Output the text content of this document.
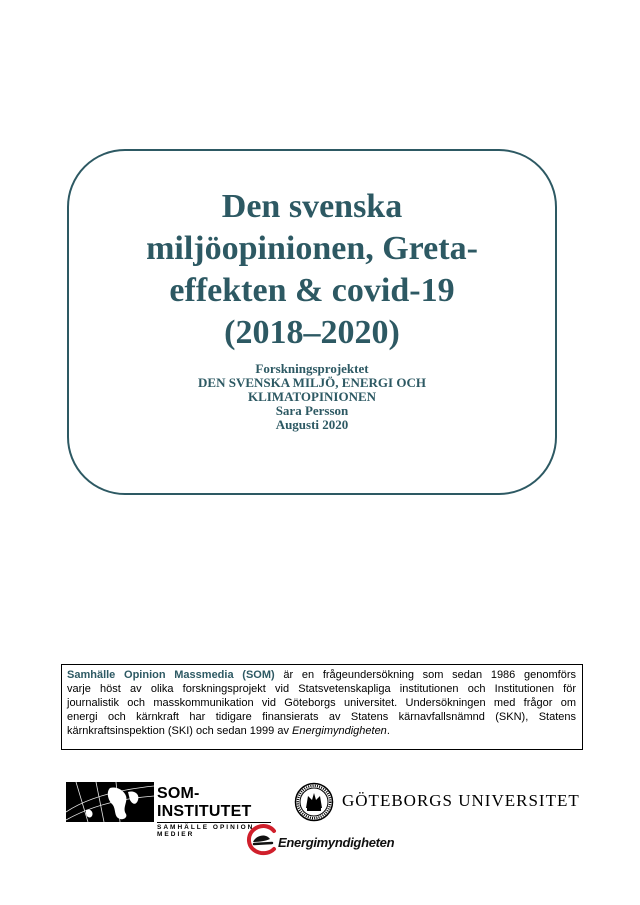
Den svenska
miljöopinionen, Greta-
effekten & covid-19
(2018–2020)
Forskningsprojektet
DEN SVENSKA MILJÖ, ENERGI OCH
KLIMATOPINIONEN
Sara Persson
Augusti 2020
Samhälle Opinion Massmedia (SOM) är en frågeundersökning som sedan 1986 genomförs
varje höst av olika forskningsprojekt vid Statsvetenskapliga institutionen och Institutionen för
journalistik och masskommunikation vid Göteborgs universitet. Undersökningen med frågor om
energi och kärnkraft har tidigare finansierats av Statens kärnavfallsnämnd (SKN), Statens
kärnkraftsinspektion (SKI) och sedan 1999 av Energimyndigheten.
SOM-INSTITUTET
SAMHÄLLE OPINION MEDIER
GÖTEBORGS UNIVERSITET
Energimyndigheten
